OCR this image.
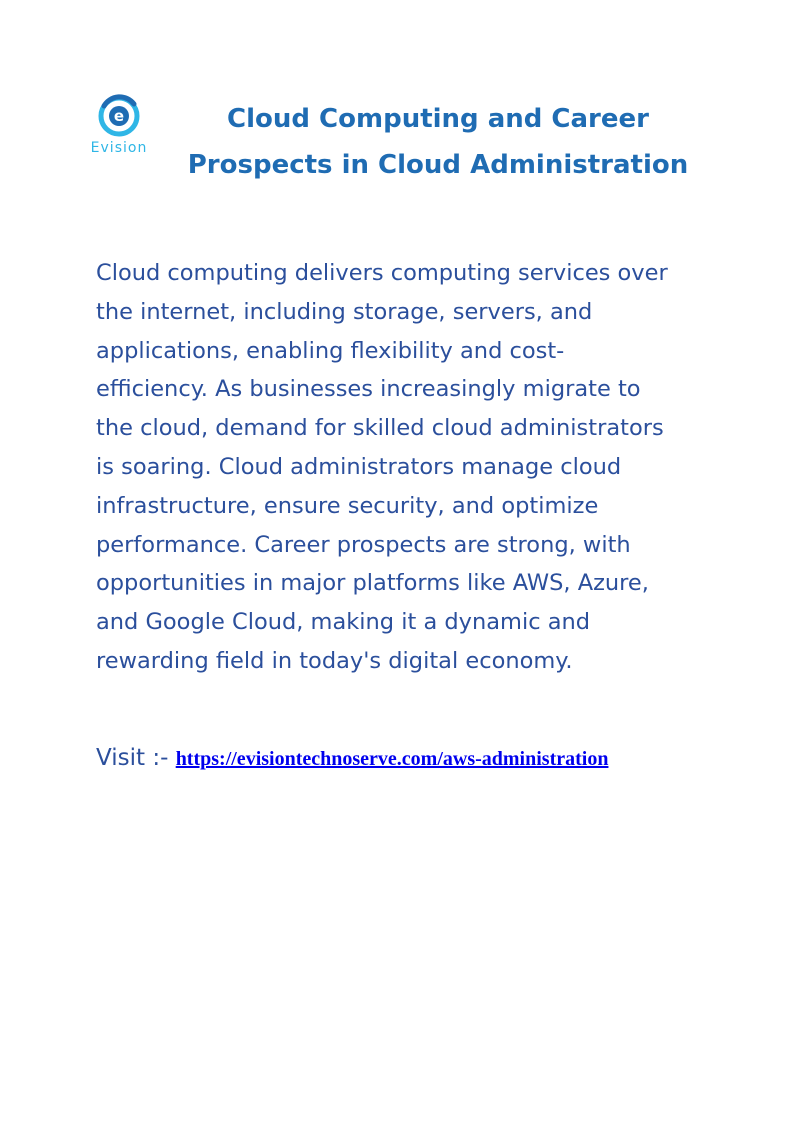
e
Evision
Cloud Computing and Career
Prospects in Cloud Administration

Cloud computing delivers computing services over
the internet, including storage, servers, and
applications, enabling flexibility and cost-
efficiency. As businesses increasingly migrate to
the cloud, demand for skilled cloud administrators
is soaring. Cloud administrators manage cloud
infrastructure, ensure security, and optimize
performance. Career prospects are strong, with
opportunities in major platforms like AWS, Azure,
and Google Cloud, making it a dynamic and
rewarding field in today's digital economy.

Visit :- https://evisiontechnoserve.com/aws-administration
